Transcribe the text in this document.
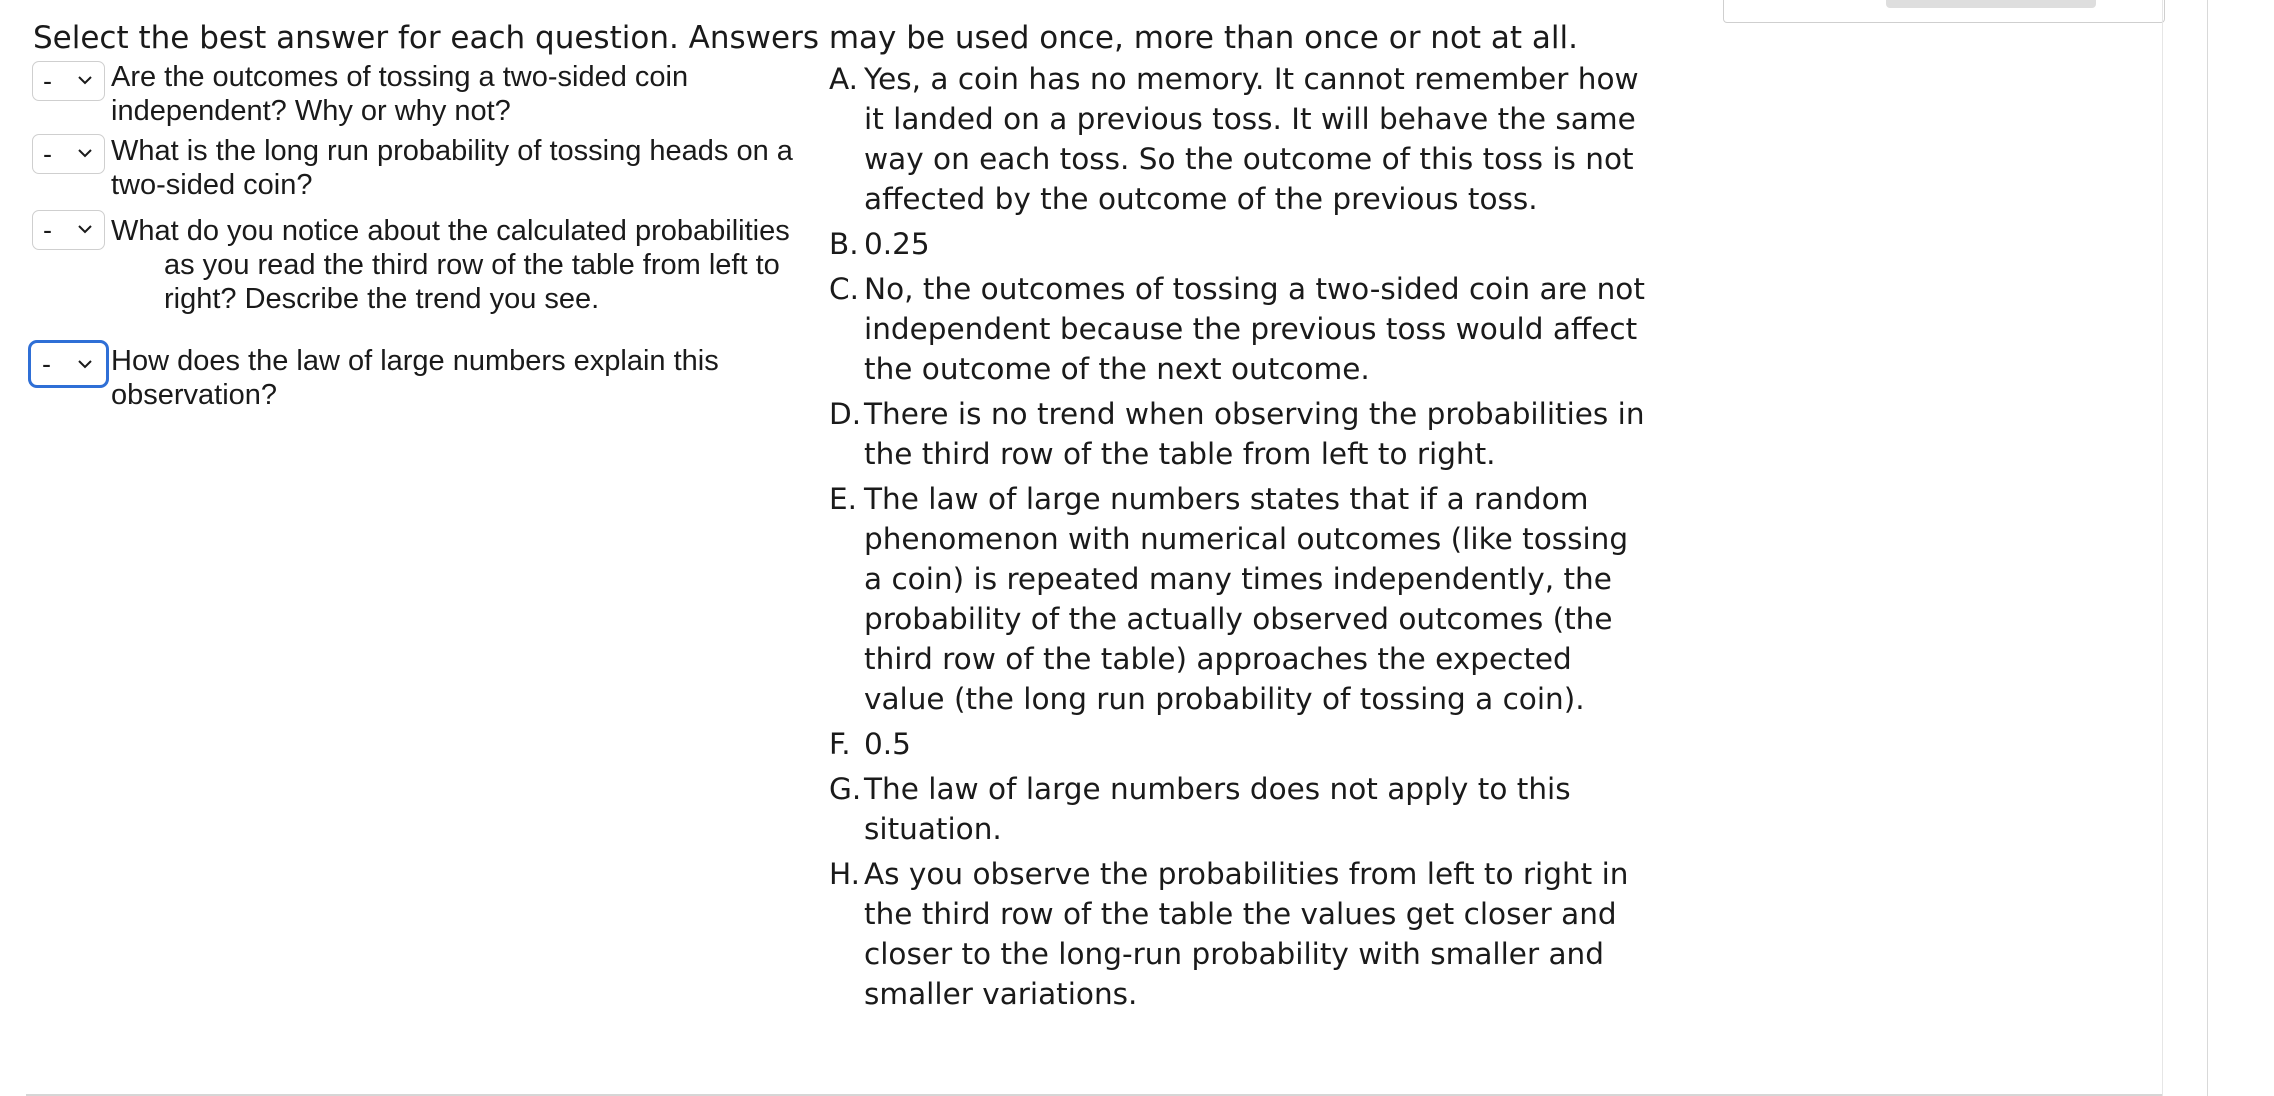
Select the best answer for each question. Answers may be used once, more than once or not at all.

- Are the outcomes of tossing a two-sided coin
independent? Why or why not?
- What is the long run probability of tossing heads on a
two-sided coin?
- What do you notice about the calculated probabilities
as you read the third row of the table from left to
right? Describe the trend you see.
- How does the law of large numbers explain this
observation?
A. Yes, a coin has no memory. It cannot remember how it landed on a previous toss. It will behave the same way on each toss. So the outcome of this toss is not affected by the outcome of the previous toss.
B. 0.25
C. No, the outcomes of tossing a two-sided coin are not independent because the previous toss would affect the outcome of the next outcome.
D. There is no trend when observing the probabilities in the third row of the table from left to right.
E. The law of large numbers states that if a random phenomenon with numerical outcomes (like tossing a coin) is repeated many times independently, the probability of the actually observed outcomes (the third row of the table) approaches the expected value (the long run probability of tossing a coin).
F. 0.5
G. The law of large numbers does not apply to this situation.
H. As you observe the probabilities from left to right in the third row of the table the values get closer and closer to the long-run probability with smaller and smaller variations.
